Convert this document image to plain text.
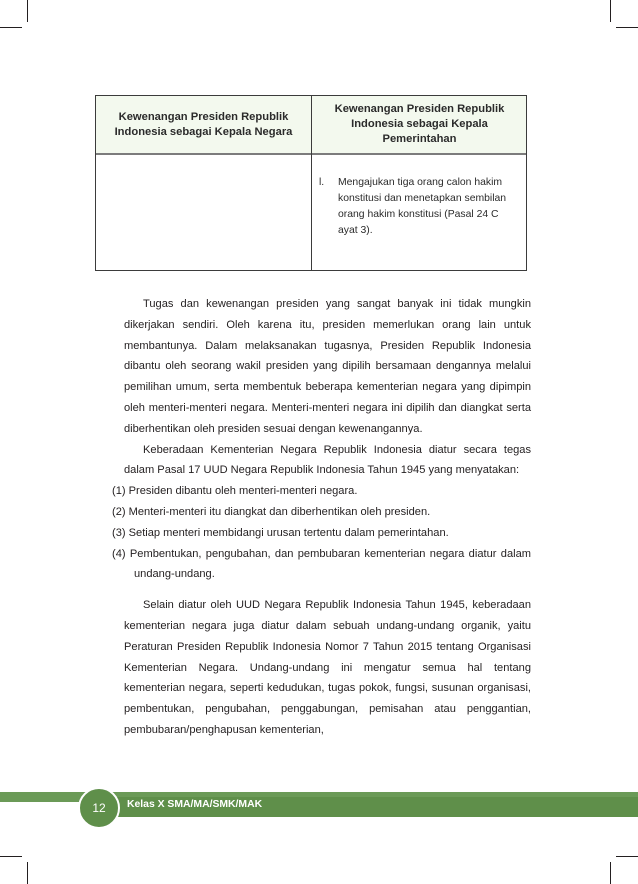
Kewenangan Presiden Republik Indonesia sebagai Kepala Negara
Kewenangan Presiden Republik Indonesia sebagai Kepala Pemerintahan
l. Mengajukan tiga orang calon hakim konstitusi dan menetapkan sembilan orang hakim konstitusi (Pasal 24 C ayat 3).

Tugas dan kewenangan presiden yang sangat banyak ini tidak mungkin dikerjakan sendiri. Oleh karena itu, presiden memerlukan orang lain untuk membantunya. Dalam melaksanakan tugasnya, Presiden Republik Indonesia dibantu oleh seorang wakil presiden yang dipilih bersamaan dengannya melalui pemilihan umum, serta membentuk beberapa kementerian negara yang dipimpin oleh menteri-menteri negara. Menteri-menteri negara ini dipilih dan diangkat serta diberhentikan oleh presiden sesuai dengan kewenangannya.

Keberadaan Kementerian Negara Republik Indonesia diatur secara tegas dalam Pasal 17 UUD Negara Republik Indonesia Tahun 1945 yang menyatakan:

(1) Presiden dibantu oleh menteri-menteri negara.
(2) Menteri-menteri itu diangkat dan diberhentikan oleh presiden.
(3) Setiap menteri membidangi urusan tertentu dalam pemerintahan.
(4) Pembentukan, pengubahan, dan pembubaran kementerian negara diatur dalam undang-undang.

Selain diatur oleh UUD Negara Republik Indonesia Tahun 1945, keberadaan kementerian negara juga diatur dalam sebuah undang-undang organik, yaitu Peraturan Presiden Republik Indonesia Nomor 7 Tahun 2015 tentang Organisasi Kementerian Negara. Undang-undang ini mengatur semua hal tentang kementerian negara, seperti kedudukan, tugas pokok, fungsi, susunan organisasi, pembentukan, pengubahan, penggabungan, pemisahan atau penggantian, pembubaran/penghapusan kementerian,

Kelas X SMA/MA/SMK/MAK
12
